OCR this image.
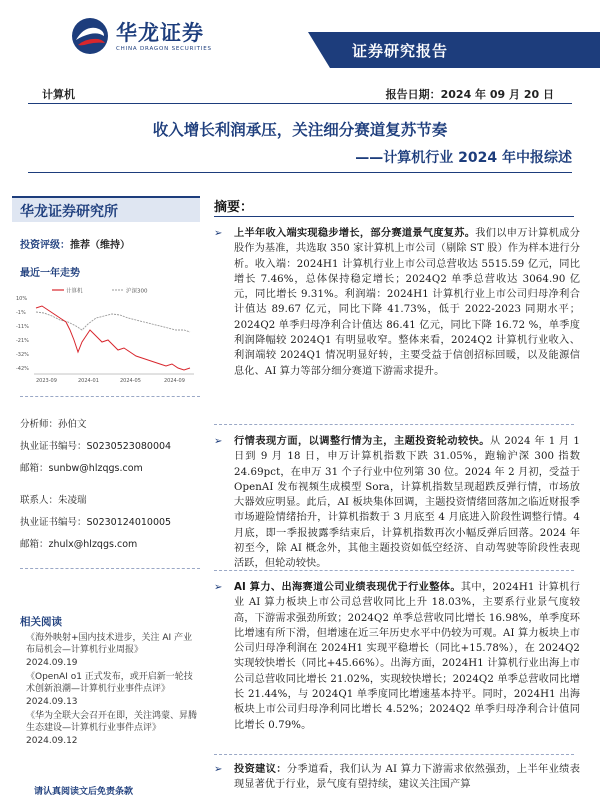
华龙证券
CHINA DRAGON SECURITIES	证券研究报告
计算机	报告日期：2024 年 09 月 20 日
收入增长利润承压，关注细分赛道复苏节奏
——计算机行业 2024 年中报综述
华龙证券研究所
投资评级：推荐（维持）
最近一年走势
计算机	沪深300
10%
-1%
-11%
-21%
-32%
-42%
2023-09	2024-01	2024-05	2024-09
分析师：孙伯文
执业证书编号：S0230523080004
邮箱：sunbw@hlzqgs.com
联系人：朱凌瑞
执业证书编号：S0230124010005
邮箱：zhulx@hlzqgs.com
相关阅读
《海外映射+国内技术进步，关注 AI 产业布局机会—计算机行业周报》
2024.09.19
《OpenAI o1 正式发布，或开启新一轮技术创新浪潮—计算机行业事件点评》
2024.09.13
《华为全联大会召开在即，关注鸿蒙、昇腾生态建设—计算机行业事件点评》
2024.09.12
请认真阅读文后免责条款
摘要：
➢ 上半年收入端实现稳步增长，部分赛道景气度复苏。我们以申万计算机成分股作为基准，共选取 350 家计算机上市公司（剔除 ST 股）作为样本进行分析。收入端：2024H1 计算机行业上市公司总营收达 5515.59 亿元，同比增长 7.46%，总体保持稳定增长；2024Q2 单季总营收达 3064.90 亿元，同比增长 9.31%。利润端：2024H1 计算机行业上市公司归母净利合计值达 89.67 亿元，同比下降 41.73%，低于 2022-2023 同期水平；2024Q2 单季归母净利合计值达 86.41 亿元，同比下降 16.72 %，单季度利润降幅较 2024Q1 有明显收窄。整体来看，2024Q2 计算机行业收入、利润端较 2024Q1 情况明显好转，主要受益于信创招标回暖，以及能源信息化、AI 算力等部分细分赛道下游需求提升。
➢ 行情表现方面，以调整行情为主，主题投资轮动较快。从 2024 年 1 月 1 日到 9 月 18 日，申万计算机指数下跌 31.05%，跑输沪深 300 指数 24.69pct，在申万 31 个子行业中位列第 30 位。2024 年 2 月初，受益于 OpenAI 发布视频生成模型 Sora，计算机指数呈现超跌反弹行情，市场放大器效应明显。此后，AI 板块集体回调，主题投资情绪回落加之临近财报季市场避险情绪抬升，计算机指数于 3 月底至 4 月底进入阶段性调整行情。4 月底，即一季报披露季结束后，计算机指数再次小幅反弹后回落。2024 年初至今，除 AI 概念外，其他主题投资如低空经济、自动驾驶等阶段性表现活跃，但轮动较快。
➢ AI 算力、出海赛道公司业绩表现优于行业整体。其中，2024H1 计算机行业 AI 算力板块上市公司总营收同比上升 18.03%，主要系行业景气度较高，下游需求强劲所致；2024Q2 单季总营收同比增长 16.98%，单季度环比增速有所下滑，但增速在近三年历史水平中仍较为可观。AI 算力板块上市公司归母净利润在 2024H1 实现平稳增长（同比+15.78%），在 2024Q2 实现较快增长（同比+45.66%）。出海方面，2024H1 计算机行业出海上市公司总营收同比增长 21.02%，实现较快增长；2024Q2 单季总营收同比增长 21.44%，与 2024Q1 单季度同比增速基本持平。同时，2024H1 出海板块上市公司归母净利同比增长 4.52%；2024Q2 单季归母净利合计值同比增长 0.79%。
➢ 投资建议：分季道看，我们认为 AI 算力下游需求依然强劲，上半年业绩表现显著优于行业，景气度有望持续，建议关注国产算
